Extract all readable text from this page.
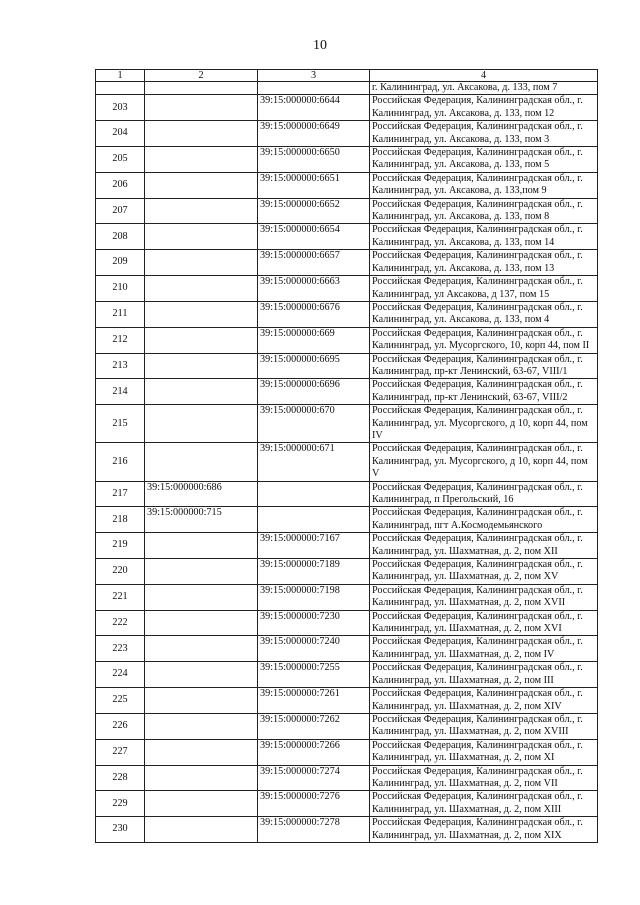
10
1	2	3	4
			г. Калининград, ул. Аксакова, д. 133, пом 7
203		39:15:000000:6644	Российская Федерация, Калининградская обл., г. Калининград, ул. Аксакова, д. 133, пом 12
204		39:15:000000:6649	Российская Федерация, Калининградская обл., г. Калининград, ул. Аксакова, д. 133, пом 3
205		39:15:000000:6650	Российская Федерация, Калининградская обл., г. Калининград, ул. Аксакова, д. 133, пом 5
206		39:15:000000:6651	Российская Федерация, Калининградская обл., г. Калининград, ул. Аксакова, д. 133,пом 9
207		39:15:000000:6652	Российская Федерация, Калининградская обл., г. Калининград, ул. Аксакова, д. 133, пом 8
208		39:15:000000:6654	Российская Федерация, Калининградская обл., г. Калининград, ул. Аксакова, д. 133, пом 14
209		39:15:000000:6657	Российская Федерация, Калининградская обл., г. Калининград, ул. Аксакова, д. 133, пом 13
210		39:15:000000:6663	Российская Федерация, Калининградская обл., г. Калининград, ул Аксакова, д 137, пом 15
211		39:15:000000:6676	Российская Федерация, Калининградская обл., г. Калининград, ул. Аксакова, д. 133, пом 4
212		39:15:000000:669	Российская Федерация, Калининградская обл., г. Калининград, ул. Мусоргского, 10, корп 44, пом II
213		39:15:000000:6695	Российская Федерация, Калининградская обл., г. Калининград, пр-кт Ленинский, 63-67, VIII/1
214		39:15:000000:6696	Российская Федерация, Калининградская обл., г. Калининград, пр-кт Ленинский, 63-67, VIII/2
215		39:15:000000:670	Российская Федерация, Калининградская обл., г. Калининград, ул. Мусоргского, д 10, корп 44, пом IV
216		39:15:000000:671	Российская Федерация, Калининградская обл., г. Калининград, ул. Мусоргского, д 10, корп 44, пом V
217	39:15:000000:686		Российская Федерация, Калининградская обл., г. Калининград, п Прегольский, 16
218	39:15:000000:715		Российская Федерация, Калининградская обл., г. Калининград, пгт А.Космодемьянского
219		39:15:000000:7167	Российская Федерация, Калининградская обл., г. Калининград, ул. Шахматная, д. 2, пом XII
220		39:15:000000:7189	Российская Федерация, Калининградская обл., г. Калининград, ул. Шахматная, д. 2, пом XV
221		39:15:000000:7198	Российская Федерация, Калининградская обл., г. Калининград, ул. Шахматная, д. 2, пом XVII
222		39:15:000000:7230	Российская Федерация, Калининградская обл., г. Калининград, ул. Шахматная, д. 2, пом XVI
223		39:15:000000:7240	Российская Федерация, Калининградская обл., г. Калининград, ул. Шахматная, д. 2, пом IV
224		39:15:000000:7255	Российская Федерация, Калининградская обл., г. Калининград, ул. Шахматная, д. 2, пом III
225		39:15:000000:7261	Российская Федерация, Калининградская обл., г. Калининград, ул. Шахматная, д. 2, пом XIV
226		39:15:000000:7262	Российская Федерация, Калининградская обл., г. Калининград, ул. Шахматная, д. 2, пом XVIII
227		39:15:000000:7266	Российская Федерация, Калининградская обл., г. Калининград, ул. Шахматная, д. 2, пом XI
228		39:15:000000:7274	Российская Федерация, Калининградская обл., г. Калининград, ул. Шахматная, д. 2, пом VII
229		39:15:000000:7276	Российская Федерация, Калининградская обл., г. Калининград, ул. Шахматная, д. 2, пом XIII
230		39:15:000000:7278	Российская Федерация, Калининградская обл., г. Калининград, ул. Шахматная, д. 2, пом XIX
